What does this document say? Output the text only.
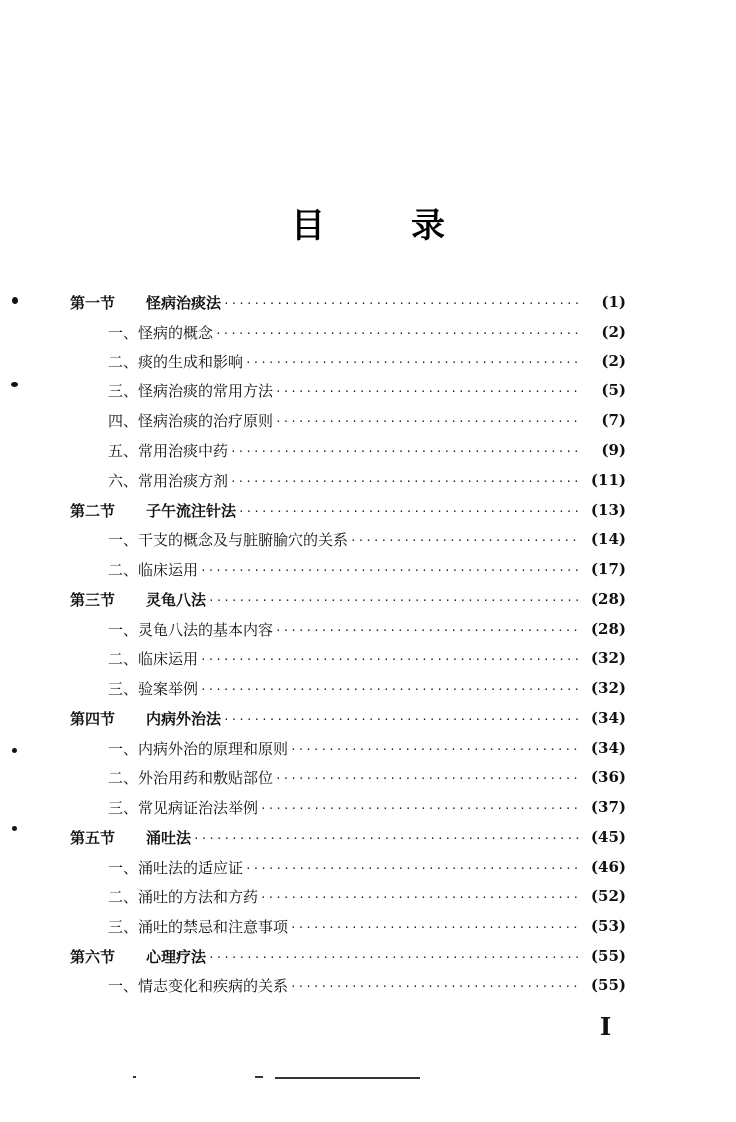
目　录
第一节	怪病治痰法 ·····	(1)
一、 怪病的概念 ·····	(2)
二、 痰的生成和影响 ·····	(2)
三、 怪病治痰的常用方法 ·····	(5)
四、 怪病治痰的治疗原则 ·····	(7)
五、 常用治痰中药 ·····	(9)
六、 常用治痰方剂 ·····	(11)
第二节	子午流注针法 ·····	(13)
一、 干支的概念及与脏腑腧穴的关系 ·····	(14)
二、 临床运用 ·····	(17)
第三节	灵龟八法 ·····	(28)
一、 灵龟八法的基本内容 ·····	(28)
二、 临床运用 ·····	(32)
三、 验案举例 ·····	(32)
第四节	内病外治法 ·····	(34)
一、 内病外治的原理和原则 ·····	(34)
二、 外治用药和敷贴部位 ·····	(36)
三、 常见病证治法举例 ·····	(37)
第五节	涌吐法 ·····	(45)
一、 涌吐法的适应证 ·····	(46)
二、 涌吐的方法和方药 ·····	(52)
三、 涌吐的禁忌和注意事项 ·····	(53)
第六节	心理疗法 ·····	(55)
一、 情志变化和疾病的关系 ·····	(55)
I
